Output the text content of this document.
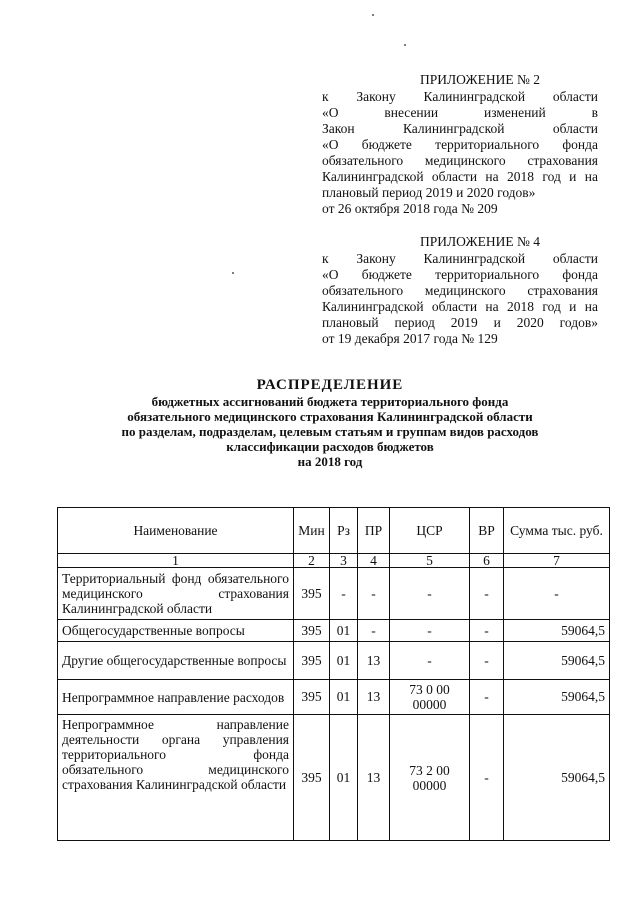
ПРИЛОЖЕНИЕ № 2
к Закону Калининградской области
«О внесении изменений в
Закон Калининградской области
«О бюджете территориального фонда
обязательного медицинского страхования
Калининградской области на 2018 год и на
плановый период 2019 и 2020 годов»
от 26 октября 2018 года № 209
ПРИЛОЖЕНИЕ № 4
к Закону Калининградской области
«О бюджете территориального фонда
обязательного медицинского страхования
Калининградской области на 2018 год и на
плановый период 2019 и 2020 годов»
от 19 декабря 2017 года № 129
РАСПРЕДЕЛЕНИЕ
бюджетных ассигнований бюджета территориального фонда
обязательного медицинского страхования Калининградской области
по разделам, подразделам, целевым статьям и группам видов расходов
классификации расходов бюджетов
на 2018 год
Наименование	Мин	Рз	ПР	ЦСР	ВР	Сумма тыс. руб.
1	2	3	4	5	6	7
Территориальный фонд обязательного медицинского страхования Калининградской области	395	-	-	-	-	-
Общегосударственные вопросы	395	01	-	-	-	59064,5
Другие общегосударственные вопросы	395	01	13	-	-	59064,5
Непрограммное направление расходов	395	01	13	73 0 00 00000	-	59064,5
Непрограммное направление деятельности органа управления территориального фонда обязательного медицинского страхования Калининградской области	395	01	13	73 2 00 00000	-	59064,5
